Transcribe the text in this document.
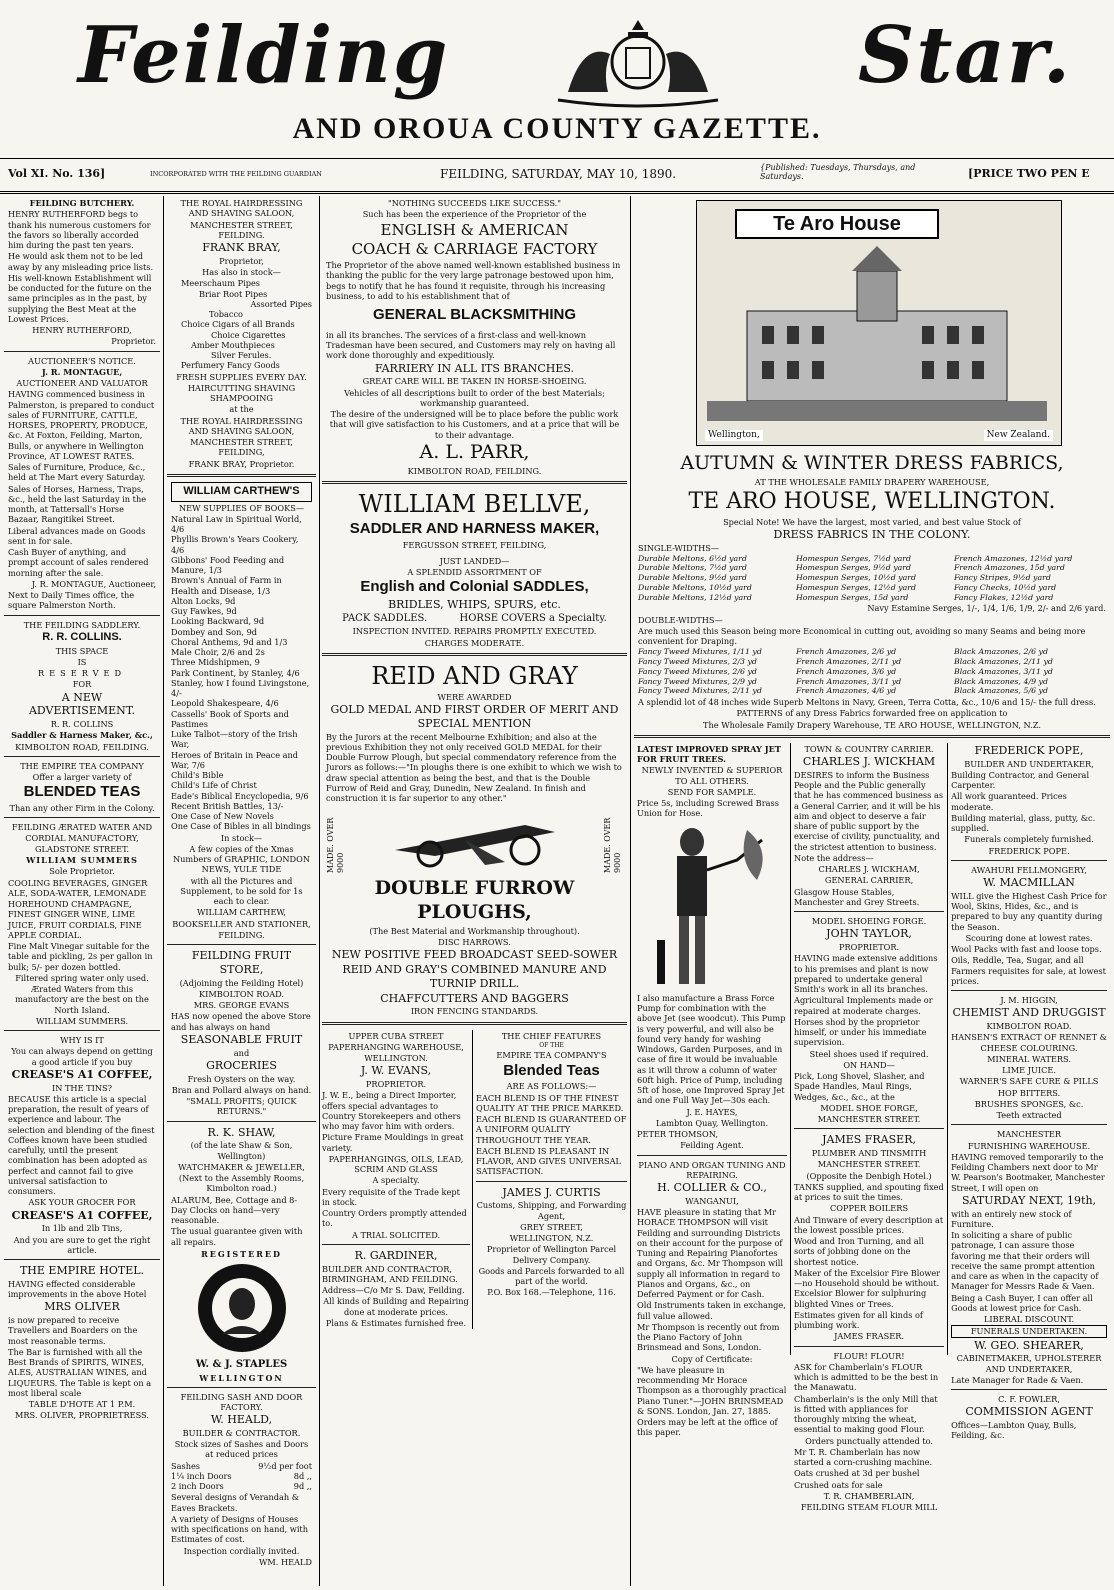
Feilding	Star.
AND OROUA COUNTY GAZETTE.
Vol XI. No. 136]	INCORPORATED WITH THE FEILDING GUARDIAN	FEILDING, SATURDAY, MAY 10, 1890.	{Published: Tuesdays, Thursdays, and Saturdays.	[PRICE TWO PEN E

FEILDING BUTCHERY.

HENRY RUTHERFORD begs to thank his numerous customers for the favors so liberally accorded him during the past ten years.

He would ask them not to be led away by any misleading price lists.

His well-known Establishment will be conducted for the future on the same principles as in the past, by supplying the Best Meat at the Lowest Prices.

HENRY RUTHERFORD,

Proprietor.

AUCTIONEER'S NOTICE.

J. R. MONTAGUE,

AUCTIONEER AND VALUATOR

HAVING commenced business in Palmerston, is prepared to conduct sales of FURNITURE, CATTLE, HORSES, PROPERTY, PRODUCE, &c. At Foxton, Feilding, Marton, Bulls, or anywhere in Wellington Province, AT LOWEST RATES.

Sales of Furniture, Produce, &c., held at The Mart every Saturday.

Sales of Horses, Harness, Traps, &c., held the last Saturday in the month, at Tattersall's Horse Bazaar, Rangitikei Street.

Liberal advances made on Goods sent in for sale.

Cash Buyer of anything, and prompt account of sales rendered morning after the sale.

J. R. MONTAGUE, Auctioneer,

Next to Daily Times office, the square Palmerston North.

THE FEILDING SADDLERY.

R. R. COLLINS.

THIS SPACE

IS

RESERVED

FOR

A NEW ADVERTISEMENT.

R. R. COLLINS

Saddler & Harness Maker, &c.,

KIMBOLTON ROAD, FEILDING.

THE EMPIRE TEA COMPANY

Offer a larger variety of

BLENDED TEAS

Than any other Firm in the Colony.

FEILDING ÆRATED WATER AND CORDIAL MANUFACTORY,

GLADSTONE STREET.

WILLIAM SUMMERS

Sole Proprietor.

COOLING BEVERAGES, GINGER ALE, SODA-WATER, LEMONADE

HOREHOUND CHAMPAGNE, FINEST GINGER WINE, LIME JUICE, FRUIT CORDIALS, FINE APPLE CORDIAL.

Fine Malt Vinegar suitable for the table and pickling, 2s per gallon in bulk; 5/- per dozen bottled.

Filtered spring water only used.

Ærated Waters from this manufactory are the best on the North Island.

WILLIAM SUMMERS.

WHY IS IT

You can always depend on getting a good article if you buy

CREASE'S A1 COFFEE,

IN THE TINS?

BECAUSE this article is a special preparation, the result of years of experience and labour. The selection and blending of the finest Coffees known have been studied carefully, until the present combination has been adopted as perfect and cannot fail to give universal satisfaction to consumers.

ASK YOUR GROCER FOR

CREASE'S A1 COFFEE,

In 1lb and 2lb Tins,

And you are sure to get the right article.

THE EMPIRE HOTEL.

HAVING effected considerable improvements in the above Hotel

MRS OLIVER

is now prepared to receive Travellers and Boarders on the most reasonable terms.

The Bar is furnished with all the Best Brands of SPIRITS, WINES, ALES, AUSTRALIAN WINES, and LIQUEURS. The Table is kept on a most liberal scale

TABLE D'HOTE AT 1 P.M.

MRS. OLIVER, PROPRIETRESS.

THE ROYAL HAIRDRESSING AND SHAVING SALOON,

MANCHESTER STREET, FEILDING.

FRANK BRAY,

Proprietor,

Has also in stock—

Meerschaum Pipes

Briar Root Pipes

Assorted Pipes

Tobacco

Choice Cigars of all Brands

Choice Cigarettes

Amber Mouthpieces

Silver Ferules.

Perfumery Fancy Goods

FRESH SUPPLIES EVERY DAY.

HAIRCUTTING SHAVING SHAMPOOING

at the

THE ROYAL HAIRDRESSING AND SHAVING SALOON,

MANCHESTER STREET, FEILDING,

FRANK BRAY, Proprietor.

WILLIAM CARTHEW'S

NEW SUPPLIES OF BOOKS—

Natural Law in Spiritual World, 4/6

Phyllis Brown's Years Cookery, 4/6

Gibbons' Food Feeding and Manure, 1/3

Brown's Annual of Farm in Health and Disease, 1/3

Alton Locks, 9d

Guy Fawkes, 9d

Looking Backward, 9d

Dombey and Son, 9d

Choral Anthems, 9d and 1/3

Male Choir, 2/6 and 2s

Three Midshipmen, 9

Park Continent, by Stanley, 4/6

Stanley, how I found Livingstone, 4/-

Leopold Shakespeare, 4/6

Cassells' Book of Sports and Pastimes

Luke Talbot—story of the Irish War,

Heroes of Britain in Peace and War, 7/6

Child's Bible

Child's Life of Christ

Eade's Biblical Encyclopedia, 9/6

Recent British Battles, 13/-

One Case of New Novels

One Case of Bibles in all bindings

In stock—

A few copies of the Xmas Numbers of GRAPHIC, LONDON NEWS, YULE TIDE

with all the Pictures and Supplement, to be sold for 1s each to clear.

WILLIAM CARTHEW,

BOOKSELLER AND STATIONER,

FEILDING.

FEILDING FRUIT STORE,

(Adjoining the Feilding Hotel)

KIMBOLTON ROAD.

MRS. GEORGE EVANS

HAS now opened the above Store and has always on hand

SEASONABLE FRUIT

and

GROCERIES

Fresh Oysters on the way.

Bran and Pollard always on hand.

"SMALL PROFITS; QUICK RETURNS."

R. K. SHAW,

(of the late Shaw & Son, Wellington)

WATCHMAKER & JEWELLER,

(Next to the Assembly Rooms, Kimbolton road.)

ALARUM, Bee, Cottage and 8-Day Clocks on hand—very reasonable.

The usual guarantee given with all repairs.

REGISTERED

W. & J. STAPLES

WELLINGTON

FEILDING SASH AND DOOR FACTORY.

W. HEALD,

BUILDER & CONTRACTOR.

Stock sizes of Sashes and Doors at reduced prices

Sashes	9½d per foot
1¼ inch Doors	8d ,,
2 inch Doors	9d ,,

Several designs of Verandah & Eaves Brackets.

A variety of Designs of Houses with specifications on hand, with Estimates of cost.

Inspection cordially invited.

WM. HEALD

"NOTHING SUCCEEDS LIKE SUCCESS."

Such has been the experience of the Proprietor of the

ENGLISH & AMERICAN

COACH & CARRIAGE FACTORY

The Proprietor of the above named well-known established business in thanking the public for the very large patronage bestowed upon him, begs to notify that he has found it requisite, through his increasing business, to add to his establishment that of

GENERAL BLACKSMITHING

in all its branches. The services of a first-class and well-known Tradesman have been secured, and Customers may rely on having all work done thoroughly and expeditiously.

FARRIERY IN ALL ITS BRANCHES.

GREAT CARE WILL BE TAKEN IN HORSE-SHOEING.

Vehicles of all descriptions built to order of the best Materials; workmanship guaranteed.

The desire of the undersigned will be to place before the public work that will give satisfaction to his Customers, and at a price that will be to their advantage.

A. L. PARR,

KIMBOLTON ROAD, FEILDING.

WILLIAM BELLVE,

SADDLER AND HARNESS MAKER,

FERGUSSON STREET, FEILDING,

JUST LANDED—

A SPLENDID ASSORTMENT OF

English and Colonial SADDLES,

BRIDLES, WHIPS, SPURS, etc.

PACK SADDLES.	HORSE COVERS a Specialty.

INSPECTION INVITED. REPAIRS PROMPTLY EXECUTED.

CHARGES MODERATE.

REID AND GRAY

WERE AWARDED

GOLD MEDAL AND FIRST ORDER OF MERIT AND SPECIAL MENTION

By the Jurors at the recent Melbourne Exhibition; and also at the previous Exhibition they not only received GOLD MEDAL for their Double Furrow Plough, but special commendatory reference from the Jurors as follows:—"In ploughs there is one exhibit to which we wish to draw special attention as being the best, and that is the Double Furrow of Reid and Gray, Dunedin, New Zealand. In finish and construction it is far superior to any other."

MADE. OVER 9000	MADE. OVER 9000

DOUBLE FURROW PLOUGHS,

(The Best Material and Workmanship throughout).

DISC HARROWS.

NEW POSITIVE FEED BROADCAST SEED-SOWER

REID AND GRAY'S COMBINED MANURE AND TURNIP DRILL.

CHAFFCUTTERS AND BAGGERS

IRON FENCING STANDARDS.

UPPER CUBA STREET

PAPERHANGING WAREHOUSE,

WELLINGTON.

J. W. EVANS,

PROPRIETOR.

J. W. E., being a Direct Importer, offers special advantages to Country Storekeepers and others who may favor him with orders.

Picture Frame Mouldings in great variety.

PAPERHANGINGS, OILS, LEAD, SCRIM AND GLASS

A specialty.

Every requisite of the Trade kept in stock.

Country Orders promptly attended to.

A TRIAL SOLICITED.

R. GARDINER,

BUILDER AND CONTRACTOR, BIRMINGHAM, AND FEILDING.

Address—C/o Mr S. Daw, Feilding.

All kinds of Building and Repairing done at moderate prices.

Plans & Estimates furnished free.

THE CHIEF FEATURES

OF THE

EMPIRE TEA COMPANY'S

Blended Teas

ARE AS FOLLOWS:—

EACH BLEND IS OF THE FINEST QUALITY AT THE PRICE MARKED.

EACH BLEND IS GUARANTEED OF A UNIFORM QUALITY THROUGHOUT THE YEAR.

EACH BLEND IS PLEASANT IN FLAVOR, AND GIVES UNIVERSAL SATISFACTION.

JAMES J. CURTIS

Customs, Shipping, and Forwarding Agent,

GREY STREET,

WELLINGTON, N.Z.

Proprietor of Wellington Parcel Delivery Company.

Goods and Parcels forwarded to all part of the world.

P.O. Box 168.—Telephone, 116.

Te Aro House
Wellington,	New Zealand.

AUTUMN & WINTER DRESS FABRICS,

AT THE WHOLESALE FAMILY DRAPERY WAREHOUSE,

TE ARO HOUSE, WELLINGTON.

Special Note! We have the largest, most varied, and best value Stock of

DRESS FABRICS IN THE COLONY.

SINGLE-WIDTHS—

Durable Meltons, 6½d yard	Homespun Serges, 7½d yard	French Amazones, 12½d yard
Durable Meltons, 7½d yard	Homespun Serges, 9½d yard	French Amazones, 15d yard
Durable Meltons, 9½d yard	Homespun Serges, 10½d yard	Fancy Stripes, 9½d yard
Durable Meltons, 10½d yard	Homespun Serges, 12½d yard	Fancy Checks, 10½d yard
Durable Meltons, 12½d yard	Homespun Serges, 15d yard	Fancy Flakes, 12½d yard

Navy Estamine Serges, 1/-, 1/4, 1/6, 1/9, 2/- and 2/6 yard.

DOUBLE-WIDTHS—

Are much used this Season being more Economical in cutting out, avoiding so many Seams and being more convenient for Draping.

Fancy Tweed Mixtures, 1/11 yd	French Amazones, 2/6 yd	Black Amazones, 2/6 yd
Fancy Tweed Mixtures, 2/3 yd	French Amazones, 2/11 yd	Black Amazones, 2/11 yd
Fancy Tweed Mixtures, 2/6 yd	French Amazones, 3/6 yd	Black Amazones, 3/11 yd
Fancy Tweed Mixtures, 2/9 yd	French Amazones, 3/11 yd	Black Amazones, 4/9 yd
Fancy Tweed Mixtures, 2/11 yd	French Amazones, 4/6 yd	Black Amazones, 5/6 yd

A splendid lot of 48 inches wide Superb Meltons in Navy, Green, Terra Cotta, &c., 10/6 and 15/- the full dress.

PATTERNS of any Dress Fabrics forwarded free on application to

The Wholesale Family Drapery Warehouse, TE ARO HOUSE, WELLINGTON, N.Z.

LATEST IMPROVED SPRAY JET FOR FRUIT TREES.

NEWLY INVENTED & SUPERIOR TO ALL OTHERS.

SEND FOR SAMPLE.

Price 5s, including Screwed Brass Union for Hose.

I also manufacture a Brass Force Pump for combination with the above Jet (see woodcut). This Pump is very powerful, and will also be found very handy for washing Windows, Garden Purposes, and in case of fire it would be invaluable as it will throw a column of water 60ft high. Price of Pump, including 5ft of hose, one Improved Spray Jet and one Full Way Jet—30s each.

J. E. HAYES,

Lambton Quay, Wellington.

PETER THOMSON,

Feilding Agent.

PIANO AND ORGAN TUNING AND REPAIRING.

H. COLLIER & CO.,

WANGANUI,

HAVE pleasure in stating that Mr HORACE THOMPSON will visit Feilding and surrounding Districts on their account for the purpose of Tuning and Repairing Pianofortes and Organs, &c. Mr Thompson will supply all information in regard to Pianos and Organs, &c., on Deferred Payment or for Cash.

Old Instruments taken in exchange, full value allowed.

Mr Thompson is recently out from the Piano Factory of John Brinsmead and Sons, London.

Copy of Certificate:

"We have pleasure in recommending Mr Horace Thompson as a thoroughly practical Piano Tuner."—JOHN BRINSMEAD & SONS. London, Jan. 27, 1885.

Orders may be left at the office of this paper.

TOWN & COUNTRY CARRIER.

CHARLES J. WICKHAM

DESIRES to inform the Business People and the Public generally that he has commenced business as a General Carrier, and it will be his aim and object to deserve a fair share of public support by the exercise of civility, punctuality, and the strictest attention to business.

Note the address—

CHARLES J. WICKHAM,

GENERAL CARRIER,

Glasgow House Stables, Manchester and Grey Streets.

MODEL SHOEING FORGE.

JOHN TAYLOR,

PROPRIETOR.

HAVING made extensive additions to his premises and plant is now prepared to undertake general Smith's work in all its branches.

Agricultural Implements made or repaired at moderate charges.

Horses shod by the proprietor himself, or under his immediate supervision.

Steel shoes used if required.

ON HAND—

Pick, Long Shovel, Slasher, and Spade Handles, Maul Rings, Wedges, &c., &c., at the

MODEL SHOE FORGE,

MANCHESTER STREET.

JAMES FRASER,

PLUMBER AND TINSMITH

MANCHESTER STREET.

(Opposite the Denbigh Hotel.)

TANKS supplied, and spouting fixed at prices to suit the times.

COPPER BOILERS

And Tinware of every description at the lowest possible prices.

Wood and Iron Turning, and all sorts of jobbing done on the shortest notice.

Maker of the Excelsior Fire Blower—no Household should be without. Excelsior Blower for sulphuring blighted Vines or Trees.

Estimates given for all kinds of plumbing work.

JAMES FRASER.

FLOUR! FLOUR!

ASK for Chamberlain's FLOUR which is admitted to be the best in the Manawatu.

Chamberlain's is the only Mill that is fitted with appliances for thoroughly mixing the wheat, essential to making good Flour.

Orders punctually attended to.

Mr T. R. Chamberlain has now started a corn-crushing machine.

Oats crushed at 3d per bushel

Crushed oats for sale

T. R. CHAMBERLAIN,

FEILDING STEAM FLOUR MILL

FREDERICK POPE,

BUILDER AND UNDERTAKER,

Building Contractor, and General Carpenter.

All work guaranteed. Prices moderate.

Building material, glass, putty, &c. supplied.

Funerals completely furnished.

FREDERICK POPE.

AWAHURI FELLMONGERY,

W. MACMILLAN

WILL give the Highest Cash Price for Wool, Skins, Hides, &c., and is prepared to buy any quantity during the Season.

Scouring done at lowest rates.

Wool Packs with fast and loose tops.

Oils, Reddle, Tea, Sugar, and all Farmers requisites for sale, at lowest prices.

J. M. HIGGIN,

CHEMIST AND DRUGGIST

KIMBOLTON ROAD.

HANSEN'S EXTRACT OF RENNET & CHEESE COLOURING.

MINERAL WATERS.

LIME JUICE.

WARNER'S SAFE CURE & PILLS

HOP BITTERS.

BRUSHES SPONGES, &c.

Teeth extracted

MANCHESTER

FURNISHING WAREHOUSE.

HAVING removed temporarily to the Feilding Chambers next door to Mr W. Pearson's Bootmaker, Manchester Street, I will open on

SATURDAY NEXT, 19th,

with an entirely new stock of Furniture.

In soliciting a share of public patronage, I can assure those favoring me that their orders will receive the same prompt attention and care as when in the capacity of Manager for Messrs Rade & Vaen.

Being a Cash Buyer, I can offer all Goods at lowest price for Cash.

LIBERAL DISCOUNT.

FUNERALS UNDERTAKEN.

W. GEO. SHEARER,

CABINETMAKER, UPHOLSTERER AND UNDERTAKER,

Late Manager for Rade & Vaen.

C. F. FOWLER,

COMMISSION AGENT

Offices—Lambton Quay, Bulls, Feilding, &c.
